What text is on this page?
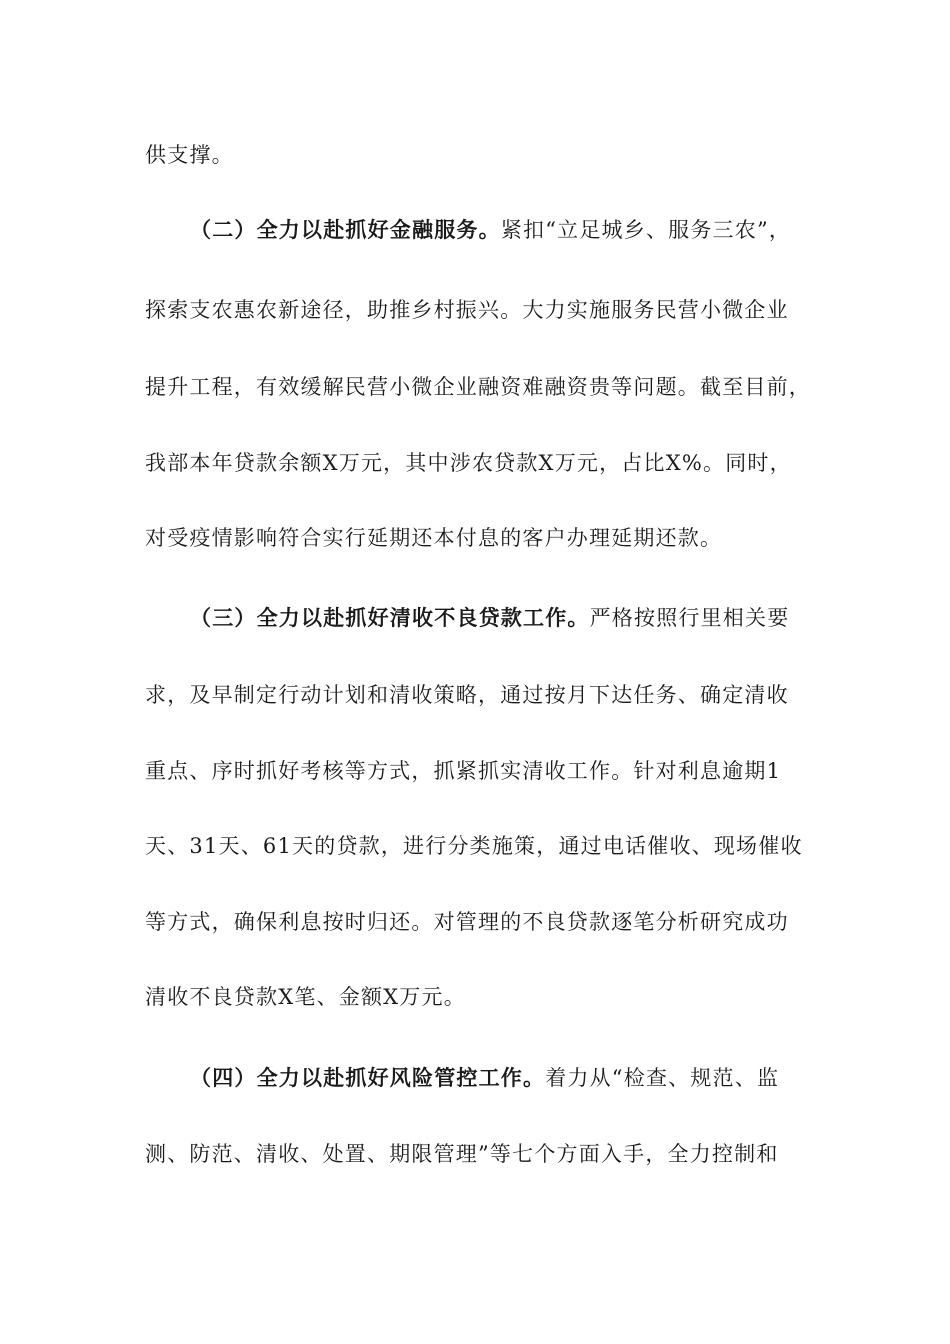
供支撑。
（二）全力以赴抓好金融服务。紧扣“立足城乡、服务三农”，
探索支农惠农新途径，助推乡村振兴。大力实施服务民营小微企业
提升工程，有效缓解民营小微企业融资难融资贵等问题。截至目前，
我部本年贷款余额X万元，其中涉农贷款X万元，占比X%。同时，
对受疫情影响符合实行延期还本付息的客户办理延期还款。
（三）全力以赴抓好清收不良贷款工作。严格按照行里相关要
求，及早制定行动计划和清收策略，通过按月下达任务、确定清收
重点、序时抓好考核等方式，抓紧抓实清收工作。针对利息逾期1
天、31天、61天的贷款，进行分类施策，通过电话催收、现场催收
等方式，确保利息按时归还。对管理的不良贷款逐笔分析研究成功
清收不良贷款X笔、金额X万元。
（四）全力以赴抓好风险管控工作。着力从“检查、规范、监
测、防范、清收、处置、期限管理”等七个方面入手，全力控制和
